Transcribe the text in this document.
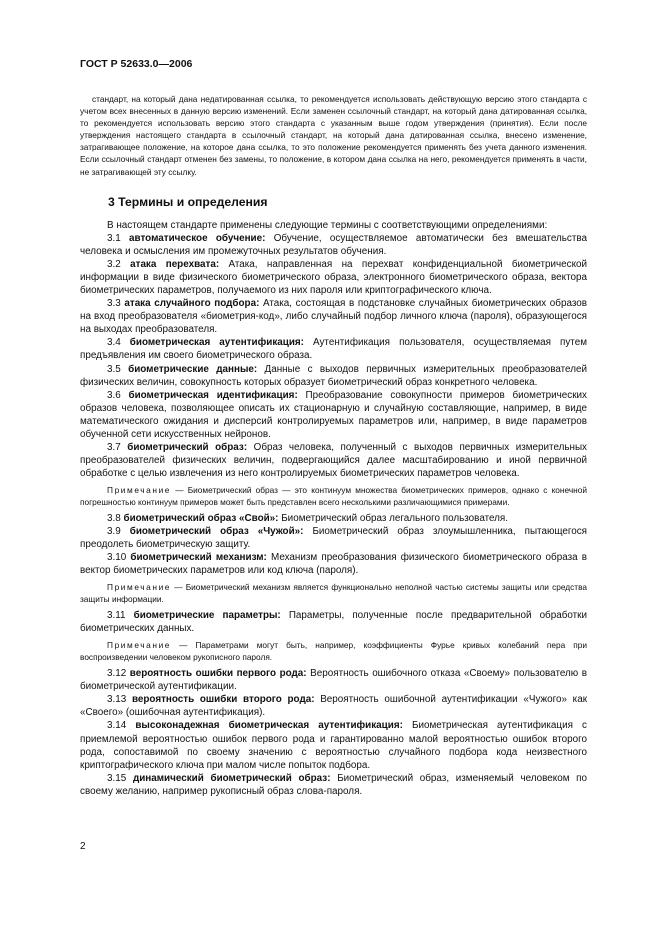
ГОСТ Р 52633.0—2006

стандарт, на который дана недатированная ссылка, то рекомендуется использовать действующую версию этого стандарта с учетом всех внесенных в данную версию изменений. Если заменен ссылочный стандарт, на который дана датированная ссылка, то рекомендуется использовать версию этого стандарта с указанным выше годом утверждения (принятия). Если после утверждения настоящего стандарта в ссылочный стандарт, на который дана датированная ссылка, внесено изменение, затрагивающее положение, на которое дана ссылка, то это положение рекомендуется применять без учета данного изменения. Если ссылочный стандарт отменен без замены, то положение, в котором дана ссылка на него, рекомендуется применять в части, не затрагивающей эту ссылку.

3 Термины и определения

В настоящем стандарте применены следующие термины с соответствующими определениями:

3.1 автоматическое обучение: Обучение, осуществляемое автоматически без вмешательства человека и осмысления им промежуточных результатов обучения.

3.2 атака перехвата: Атака, направленная на перехват конфиденциальной биометрической информации в виде физического биометрического образа, электронного биометрического образа, вектора биометрических параметров, получаемого из них пароля или криптографического ключа.

3.3 атака случайного подбора: Атака, состоящая в подстановке случайных биометрических образов на вход преобразователя «биометрия-код», либо случайный подбор личного ключа (пароля), образующегося на выходах преобразователя.

3.4 биометрическая аутентификация: Аутентификация пользователя, осуществляемая путем предъявления им своего биометрического образа.

3.5 биометрические данные: Данные с выходов первичных измерительных преобразователей физических величин, совокупность которых образует биометрический образ конкретного человека.

3.6 биометрическая идентификация: Преобразование совокупности примеров биометрических образов человека, позволяющее описать их стационарную и случайную составляющие, например, в виде математического ожидания и дисперсий контролируемых параметров или, например, в виде параметров обученной сети искусственных нейронов.

3.7 биометрический образ: Образ человека, полученный с выходов первичных измерительных преобразователей физических величин, подвергающийся далее масштабированию и иной первичной обработке с целью извлечения из него контролируемых биометрических параметров человека.

Примечание — Биометрический образ — это континуум множества биометрических примеров, однако с конечной погрешностью континуум примеров может быть представлен всего несколькими различающимися примерами.

3.8 биометрический образ «Свой»: Биометрический образ легального пользователя.

3.9 биометрический образ «Чужой»: Биометрический образ злоумышленника, пытающегося преодолеть биометрическую защиту.

3.10 биометрический механизм: Механизм преобразования физического биометрического образа в вектор биометрических параметров или код ключа (пароля).

Примечание — Биометрический механизм является функционально неполной частью системы защиты или средства защиты информации.

3.11 биометрические параметры: Параметры, полученные после предварительной обработки биометрических данных.

Примечание — Параметрами могут быть, например, коэффициенты Фурье кривых колебаний пера при воспроизведении человеком рукописного пароля.

3.12 вероятность ошибки первого рода: Вероятность ошибочного отказа «Своему» пользователю в биометрической аутентификации.

3.13 вероятность ошибки второго рода: Вероятность ошибочной аутентификации «Чужого» как «Своего» (ошибочная аутентификация).

3.14 высоконадежная биометрическая аутентификация: Биометрическая аутентификация с приемлемой вероятностью ошибок первого рода и гарантированно малой вероятностью ошибок второго рода, сопоставимой по своему значению с вероятностью случайного подбора кода неизвестного криптографического ключа при малом числе попыток подбора.

3.15 динамический биометрический образ: Биометрический образ, изменяемый человеком по своему желанию, например рукописный образ слова-пароля.

2
